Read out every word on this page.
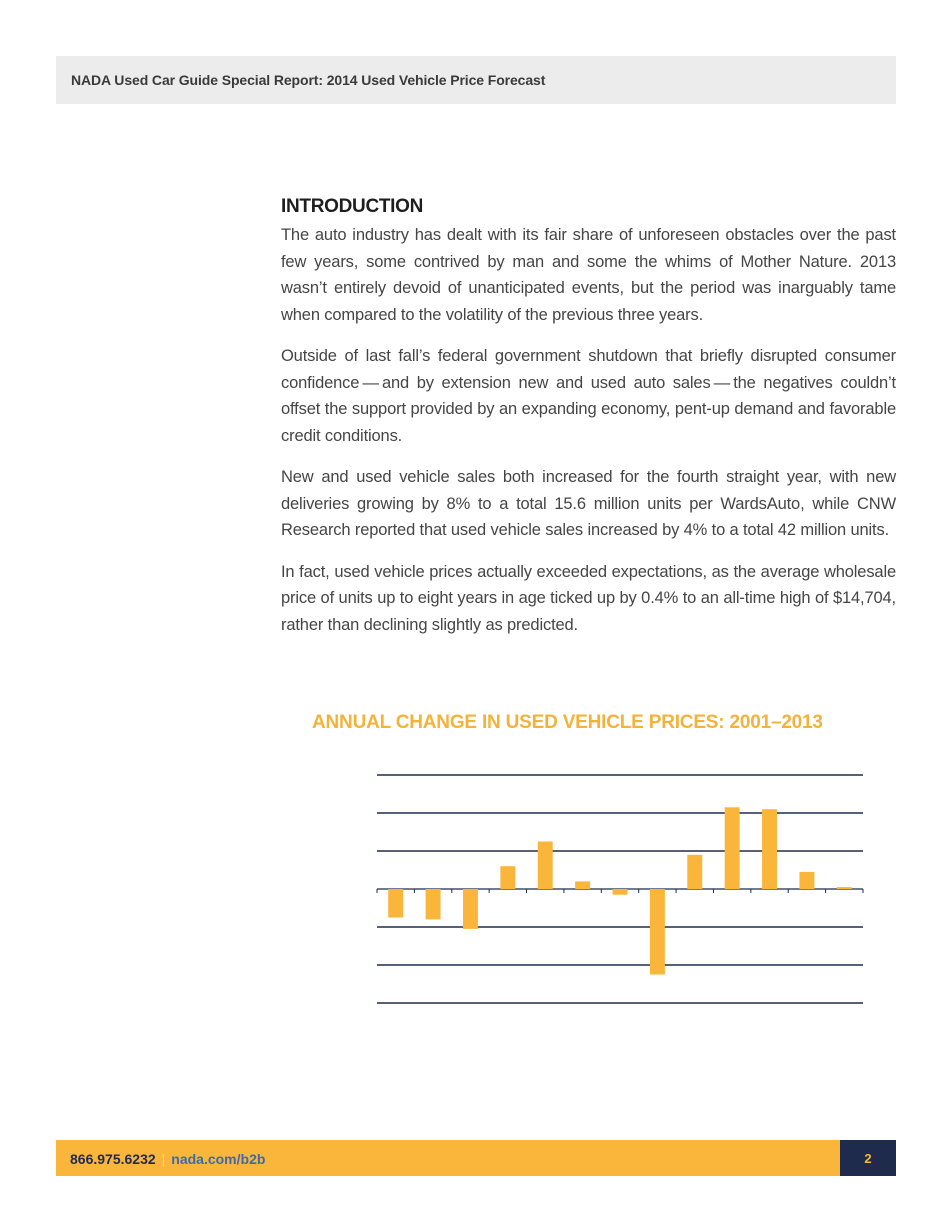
NADA Used Car Guide Special Report: 2014 Used Vehicle Price Forecast
INTRODUCTION

The auto industry has dealt with its fair share of unforeseen obstacles over the past few years, some contrived by man and some the whims of Mother Nature. 2013 wasn’t entirely devoid of unanticipated events, but the period was inarguably tame when compared to the volatility of the previous three years.

Outside of last fall’s federal government shutdown that briefly disrupted consumer confidence — and by extension new and used auto sales — the negatives couldn’t offset the support provided by an expanding economy, pent-up demand and favorable credit conditions.

New and used vehicle sales both increased for the fourth straight year, with new deliveries growing by 8% to a total 15.6 million units per WardsAuto, while CNW Research reported that used vehicle sales increased by 4% to a total 42 million units.

In fact, used vehicle prices actually exceeded expectations, as the average wholesale price of units up to eight years in age ticked up by 0.4% to an all-time high of $14,704, rather than declining slightly as predicted.

ANNUAL CHANGE IN USED VEHICLE PRICES: 2001–2013
866.975.6232 | nada.com/b2b	2
